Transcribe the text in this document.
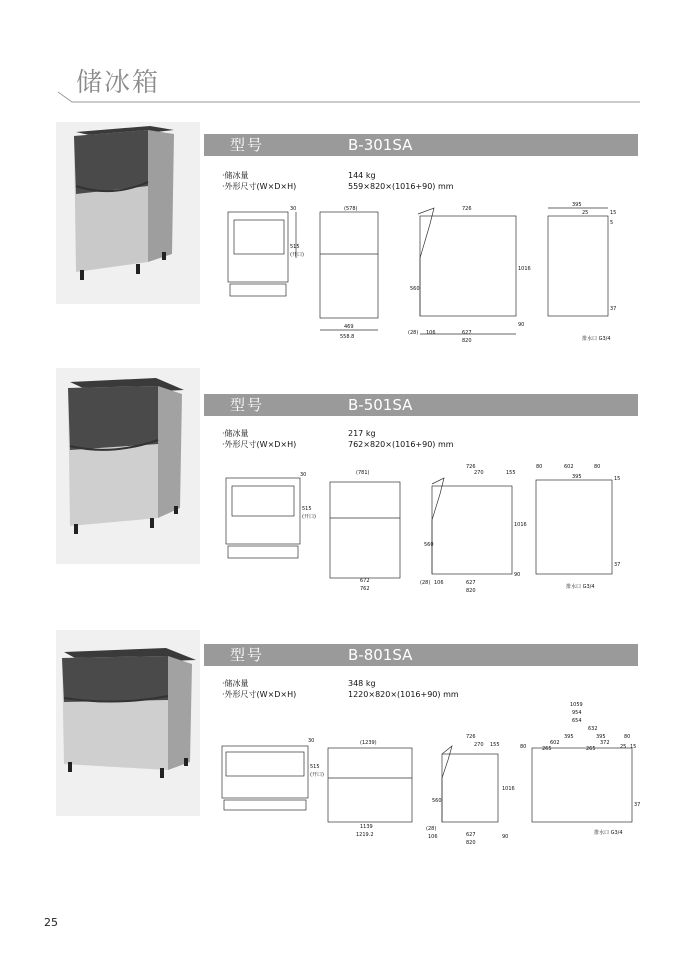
储冰箱
型号	B-301SA
·储冰量	144 kg
·外形尺寸(W×D×H)	559×820×(1016+90) mm
(578)
469
558.8
30
515
(开口)
726
1016
560
90
(28) 106	627
820
395
25	15
5
37
排水口 G3/4
型号	B-501SA
·储冰量	217 kg
·外形尺寸(W×D×H)	762×820×(1016+90) mm
(781)
672
762
30
515
(开口)
726
270	155
1016
560
90
(28) 106	627
820
80	602	80
395	15
37
排水口 G3/4
型号	B-801SA
·储冰量	348 kg
·外形尺寸(W×D×H)	1220×820×(1016+90) mm
(1239)
1139
1219.2
30
515
(开口)
726
270 155
1016
560
90
(28)
106	627
820
1059
954
654
632
395	395
602	372
265	265
80
80
25 15
37
排水口 G3/4
25
